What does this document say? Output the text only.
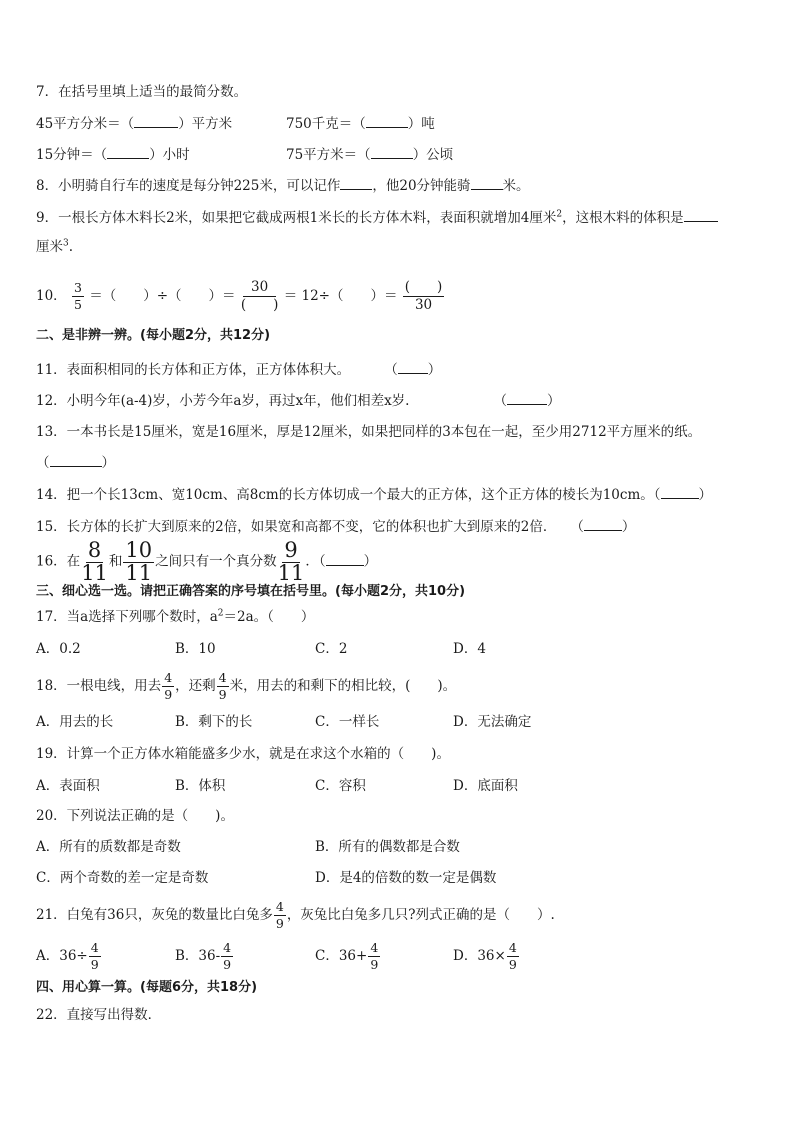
7．在括号里填上适当的最简分数。
45平方分米＝（	）平方米	750千克＝（	）吨
15分钟＝（	）小时	75平方米＝（	）公顷
8．小明骑自行车的速度是每分钟225米，可以记作 ，他20分钟能骑 米。
9．一根长方体木料长2米，如果把它截成两根1米长的长方体木料，表面积就增加4厘米$^2$，这根木料的体积是
厘米$^3$.
10． $\frac{3}{5}$ ＝（　　）÷（　　）＝ $\frac{30}{( )} = 12\div$（　　）＝ $\frac{( )}{30}$
二、是非辨一辨。(每小题2分，共12分)
11．表面积相同的长方体和正方体，正方体体积大。	（ ）
12．小明今年(a-4)岁，小芳今年a岁，再过x年，他们相差x岁.	（	）
13．一本书长是15厘米，宽是16厘米，厚是12厘米，如果把同样的3本包在一起，至少用2712平方厘米的纸。
（	）
14．把一个长13cm、宽10cm、高8cm的长方体切成一个最大的正方体，这个正方体的棱长为10cm。（	）
15．长方体的长扩大到原来的2倍，如果宽和高都不变，它的体积也扩大到原来的2倍． （	）
16．在 $\frac{8}{11}$ 和 $\frac{10}{11}$ 之间只有一个真分数 $\frac{9}{11}$ ．（	）
三、细心选一选。请把正确答案的序号填在括号里。(每小题2分，共10分)
17．当a选择下列哪个数时，$a^2=2a$。（　　）
A．0.2	B．10	C．2	D．4
18．一根电线，用去 $\frac{4}{9}$ ，还剩 $\frac{4}{9}$ 米，用去的和剩下的相比较，(　　)。
A．用去的长	B．剩下的长	C．一样长	D．无法确定
19．计算一个正方体水箱能盛多少水，就是在求这个水箱的（　　)。
A．表面积	B．体积	C．容积	D．底面积
20．下列说法正确的是（　　)。
A．所有的质数都是奇数	B．所有的偶数都是合数
C．两个奇数的差一定是奇数	D．是4的倍数的数一定是偶数
21．白兔有36只，灰兔的数量比白兔多 $\frac{4}{9}$ ，灰兔比白兔多几只?列式正确的是（　　）.
A．$36\div \frac{4}{9}$	B．$36- \frac{4}{9}$	C．$36+ \frac{4}{9}$	D．$36\times \frac{4}{9}$
四、用心算一算。(每题6分，共18分)
22．直接写出得数．
